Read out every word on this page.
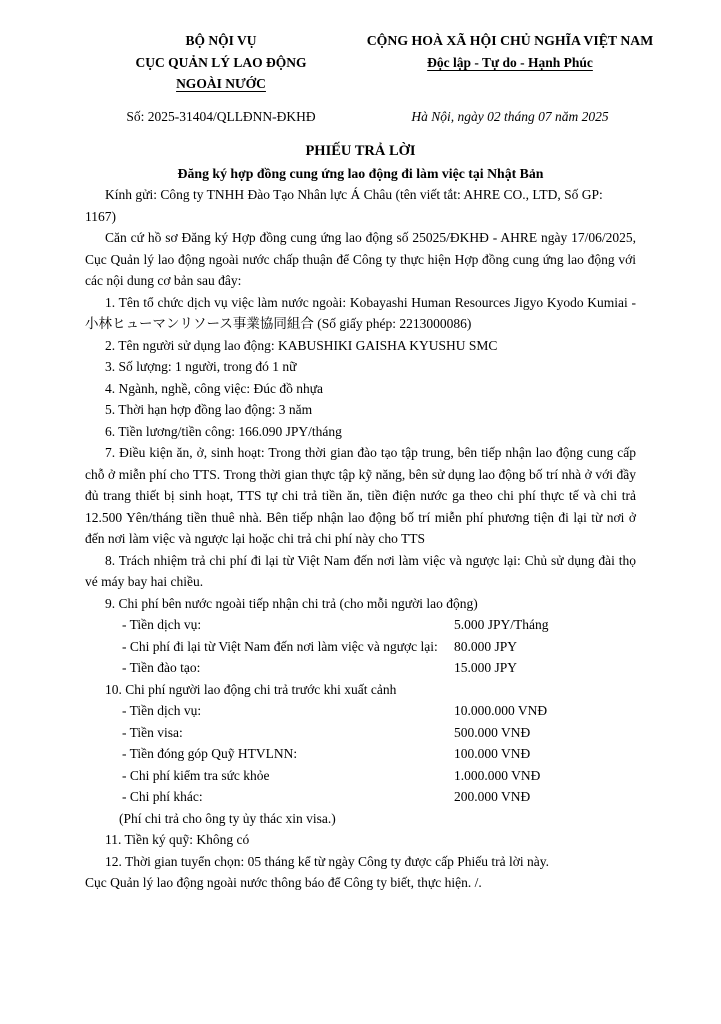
BỘ NỘI VỤ
CỤC QUẢN LÝ LAO ĐỘNG
NGOÀI NƯỚC
CỘNG HOÀ XÃ HỘI CHỦ NGHĨA VIỆT NAM
Độc lập - Tự do - Hạnh Phúc
Số: 2025-31404/QLLĐNN-ĐKHĐ	Hà Nội, ngày 02 tháng 07 năm 2025
PHIẾU TRẢ LỜI
Đăng ký hợp đồng cung ứng lao động đi làm việc tại Nhật Bản

Kính gửi: Công ty TNHH Đào Tạo Nhân lực Á Châu (tên viết tắt: AHRE CO., LTD, Số GP: 1167)

Căn cứ hồ sơ Đăng ký Hợp đồng cung ứng lao động số 25025/ĐKHĐ - AHRE ngày 17/06/2025, Cục Quản lý lao động ngoài nước chấp thuận để Công ty thực hiện Hợp đồng cung ứng lao động với các nội dung cơ bản sau đây:

1. Tên tổ chức dịch vụ việc làm nước ngoài: Kobayashi Human Resources Jigyo Kyodo Kumiai - 小林ヒューマンリソース事業協同組合 (Số giấy phép: 2213000086)

2. Tên người sử dụng lao động: KABUSHIKI GAISHA KYUSHU SMC

3. Số lượng: 1 người, trong đó 1 nữ

4. Ngành, nghề, công việc: Đúc đồ nhựa

5. Thời hạn hợp đồng lao động: 3 năm

6. Tiền lương/tiền công: 166.090 JPY/tháng

7. Điều kiện ăn, ở, sinh hoạt: Trong thời gian đào tạo tập trung, bên tiếp nhận lao động cung cấp chỗ ở miễn phí cho TTS. Trong thời gian thực tập kỹ năng, bên sử dụng lao động bố trí nhà ở với đầy đủ trang thiết bị sinh hoạt, TTS tự chi trả tiền ăn, tiền điện nước ga theo chi phí thực tế và chi trả 12.500 Yên/tháng tiền thuê nhà. Bên tiếp nhận lao động bố trí miễn phí phương tiện đi lại từ nơi ở đến nơi làm việc và ngược lại hoặc chi trả chi phí này cho TTS

8. Trách nhiệm trả chi phí đi lại từ Việt Nam đến nơi làm việc và ngược lại: Chủ sử dụng đài thọ vé máy bay hai chiều.

9. Chi phí bên nước ngoài tiếp nhận chi trả (cho mỗi người lao động)

- Tiền dịch vụ:	5.000 JPY/Tháng
- Chi phí đi lại từ Việt Nam đến nơi làm việc và ngược lại:	80.000 JPY
- Tiền đào tạo:	15.000 JPY

10. Chi phí người lao động chi trả trước khi xuất cảnh

- Tiền dịch vụ:	10.000.000 VNĐ
- Tiền visa:	500.000 VNĐ
- Tiền đóng góp Quỹ HTVLNN:	100.000 VNĐ
- Chi phí kiểm tra sức khỏe	1.000.000 VNĐ
- Chi phí khác:	200.000 VNĐ

(Phí chi trả cho ông ty ủy thác xin visa.)

11. Tiền ký quỹ: Không có

12. Thời gian tuyển chọn: 05 tháng kể từ ngày Công ty được cấp Phiếu trả lời này.

Cục Quản lý lao động ngoài nước thông báo để Công ty biết, thực hiện. /.
